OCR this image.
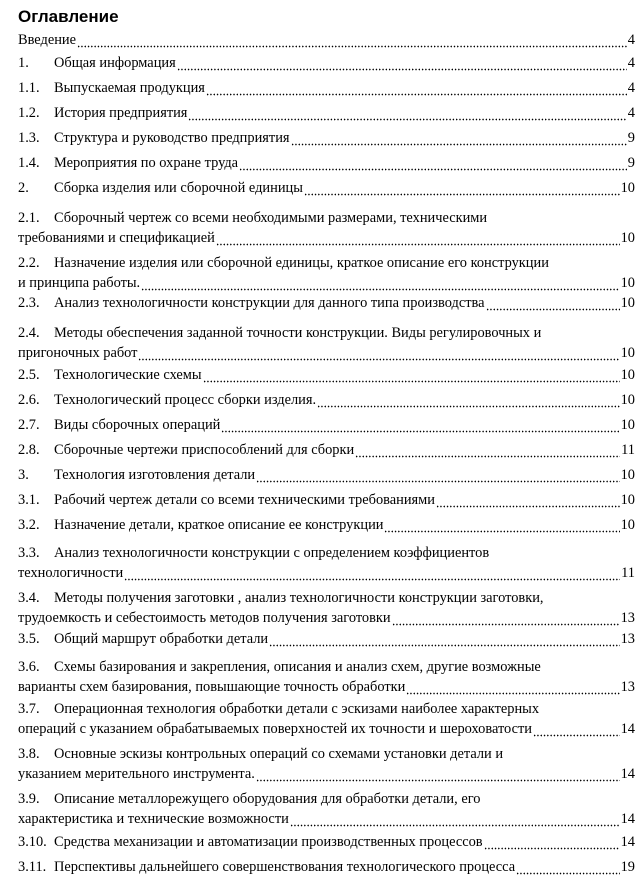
Оглавление
Введение	4
1.	Общая информация	4
1.1.	Выпускаемая продукция	4
1.2.	История предприятия	4
1.3.	Структура и руководство предприятия	9
1.4.	Мероприятия по охране труда	9
2.	Сборка изделия или сборочной единицы	10
2.1. Сборочный чертеж со всеми необходимыми размерами, техническими
требованиями и спецификацией	10
2.2. Назначение изделия или сборочной единицы, краткое описание его конструкции
и принципа работы.	10
2.3.	Анализ технологичности конструкции для данного типа производства	10
2.4. Методы обеспечения заданной точности конструкции. Виды регулировочных и
пригоночных работ	10
2.5.	Технологические схемы	10
2.6.	Технологический процесс сборки изделия.	10
2.7.	Виды сборочных операций	10
2.8.	Сборочные чертежи приспособлений для сборки	11
3.	Технология изготовления детали	10
3.1.	Рабочий чертеж детали со всеми техническими требованиями	10
3.2.	Назначение детали, краткое описание ее конструкции	10
3.3. Анализ технологичности конструкции с определением коэффициентов
технологичности	11
3.4. Методы получения заготовки , анализ технологичности конструкции заготовки,
трудоемкость и себестоимость методов получения заготовки	13
3.5.	Общий маршрут обработки детали	13
3.6. Схемы базирования и закрепления, описания и анализ схем, другие возможные
варианты схем базирования, повышающие точность обработки	13
3.7. Операционная технология обработки детали с эскизами наиболее характерных
операций с указанием обрабатываемых поверхностей их точности и шероховатости	14
3.8. Основные эскизы контрольных операций со схемами установки детали и
указанием мерительного инструмента.	14
3.9. Описание металлорежущего оборудования для обработки детали, его
характеристика и технические возможности	14
3.10. Средства механизации и автоматизации производственных процессов	14
3.11. Перспективы дальнейшего совершенствования технологического процесса	19
